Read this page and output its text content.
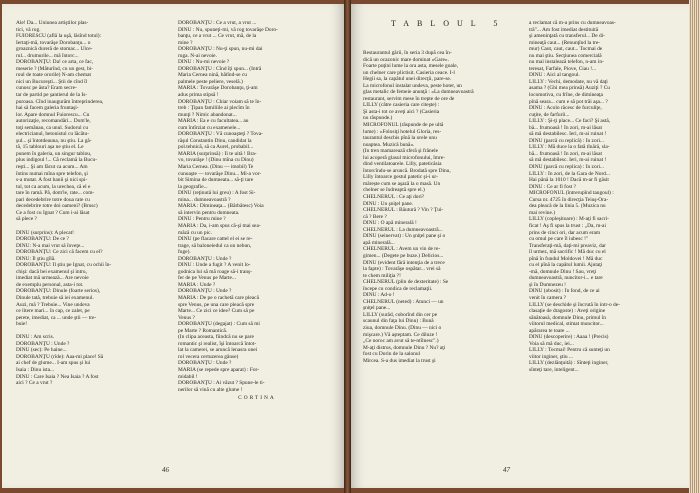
Ale! Da... Uniunea artiştilor plas-
tici, vă rog.
FUIORESCU (află la uşă, lăsînd totul):
Iertaţi-mă, tovarăşe Dorobanţu... o
groaznică dureră de stomac... Ulce-
rul... drumurile... mă întorc...
DOROBANŢU: Da! ce arta, ce fac,
meserie ? (Măturînd, cu un gest, bi-
roul de toate ororile) N-am chemat
nici un Bucureşti... Ştii de cînd îl
cunosc pe ăsta? Eram secre-
tar de partid pe şantierul de la Is-
puroasa. Cînd inaugurăm întreprinderea,
hai să facem galeria fruntaşi-
lor. Apare domnul Fuiorescu... Cu
autorizaţie, recomandări... Dom'le,
toţi semănau, ca unul. Sudorul cu
electricianul, betonistul cu lăcătu-
şul... şi întotdeauna, nu ştiu. La gă-
tă, 15 tablouri aşa ne ştiu el. Le
punem în galeria, un singur tablou,
plus indigoul !... Că reclamă la Bucu-
reşti... Şi am făcut ca acum... Am
întins numai mîna spre telefon, şi
s-a mutat. A fost banii şi nici spi-
tul, tot ca acum, la urechea, că el e
tare în ramă. Pă, dom'le, rate... com-
pari decedebrire totre doua rate cu
decedebrire totre doi oameni? (Brusc)
Ce a fost cu Ignat ? Cum i-ai lăsat
să plece ?

DINU (surprins): A plecat!
DOROBANŢU: De ce ?
DINU: N-a mai vrut să înveţe...
DOROBANŢU: Ce zici că facem cu el?
DINU: Îl ştiu gîlă.
DOROBANŢU: Îl ştiu pe Ignat, cu ochii în-
chişi: dacă bei examenul şi intru,
imediat mă urmează... Are nevoie
de exemplu personal, asta-i tot.
DOROBANŢU: Dinule (foarte serios),
Dinule tată, trebuie să iei examenul.
Auzi, mă ? Trebuie... Vine undeva
ce litere mari... în cap, ce zalet, pe
perete, imediat, ca ... unde ştii — tre-
buie!

DINU : Am scris.
DOROBANŢU : Unde ?
DINU (sec): Pe haine...
DOROBANŢU (rîde): Aaa-mi place! Să
ai chef de glume... I-am spus şi lui
Isaia : Dinu ista...
DINU : Care Isaia ? Nea Isaia ? A fost
aici ? Ce a vrut ?
DOROBANŢU : Ce a vrut, a vrut ...
DINU : Nu, spuneţi-mi, vă rog tovarăşe Doro-
banţu, ce a vrut ... Ce vrut, mă, de la
mine ?
DOROBANŢU : Nu-ţi spun, nu-mi dai
ruga. N-ai nevoie.
DINU : Nu-mi nevoie ?
DOROBANŢU : Cînd îţi spun... (Intră
Maria Cernea nină, bătînd-se cu
palmele peste peliere, veselă.)
MARIA : Tovarăşe Dorobanţu, ţi-am
adus prima stipsă !
DOROBANŢU : Chiar voiam să te în-
treb : Ţipan familiile ai plecîm în
munţi ? Nimic abandonat...
MARIA : Ea e cu facultatea... au
cum întîrziat cu examenele...
DOROBANŢU : Vă cunoaşteţi ? Tova-
răşul Constantin Dinu, candidat la
pol.tehnică, să ca Aurel, probabil...
MARIA (surprinsă) : Îi te uită ! Bra-
vo, tovarăşe ! (Dinu mîna cu Dinu)
Maria Cernea. (Dinu — imobil) Te
cunoaşte — tovarăşe Dinu... Mi-a vor-
bit Simina de dumneata... să-ţi tare
la geografie...
DINU (reţinută lui greu) : A fost Si-
mina... dumneavoastră ?
MARIA : Dimineaţa... (Bărbătesc) Voia
să intervin pentru dumneata.
DINU : Pentru mine ?
MARIA : Da, i-am spus că-şi mai sea-
măză cu un pic.
DINU (pe flacare cattel el ei se re-
trage, să baloneiedul ca un nebun,
fuge).
DOROBANŢU : Unde ?
DINU : Unde a fugit ? A venit lo-
godnica lui să mă roage să-i tranş-
fer de pe Venus pe Marte...
MARIA : Unde ?
DOROBANŢU : Unde ?
MARIA : De pe o rachetă care pleacă
spre Venus, pe una care pleacă spre
Marte... Ce zici ce idee? Cum să pe
Venus ?
DOROBANŢU (degajat) : Cum să mi
pe Marte ? Romantică.
(In clipa aceasta, fiindcă nu se pare
romantic şi realist, îşi întoarcă întot-
lat la camerei, se aruncă lenasra unei
rol vecera certuzerea gânse)
DOROBANŢU : Unde ?
MARIA (se repede spre aparat) : For-
midabil !
DOROBANŢU : Ai văzut ? Spune-le ti-
nerilor să vină cu alte glume !
CORTINA
46
TABLOUL 5
Restaurantul gării, în seria 3 după cea în-
dică un ocazonic mare dominat «Gare».
Foarte puţini lume la ora asta, mesele goale,
un chelner care plictisit. Casieria ceace. I-l
Hegii sa, la capătul unei direcţii, pare-se.
La microfonul instalat undeva, peste hoter, un
glas metalic de femeie anunţă : «La dumneavoastră
restaurant, servim mese în trepte de ore de
LILLY (către casieria care citeşte) :
Şi asta-i tot ce aveţi aici ? (Casieria
nu răspunde.)
MICROFONUL (răspunde de pe ultă
lume) : «Folosiţi hotelul Gloria, res-
taurantul deschis pînă la orele unu
noaptea. Muzică bună».
(In tren mamarează sferă şi frânele
lui acoperă glasul microfonului, îmre-
dind ventilatoarele. Lilly, pateticăsia
întorcîndu-se aruncă. Brodată spre Dinu,
Lilly întoarce gestul patetic şi-i ur-
mărește cum se aşază la o masă. Un
chelner se îndreaptă spre el.)
CHELNERUL : Ce aţi dori?
DINU : Un şniţel pane.
CHELNERUL : Băutură ? Vin ? Ţui-
că ? Bere ?
DINU : O apă minerală !
CHELNERUL : La dumneavoastră...
DINU (seinervat) : Un şniţel pane şi o
apă minerală...
CHELNERUL : Avem un vin de re-
gimen... (Degete pe buze.) Delicios...
DINU (evident fără intenţia de a trece
la fapte) : Tovarăşe ospătar... vrei să
te chem miliţia ?!
CHELNERUL (plin de dexteritate) : Se
începe cu condica de reclamaţii.
DINU : Ad-o !
CHELNERUL (neted) : Atunci — un
şniţel pane...
LILLY (surâd, coborînd din cer pe
scaunul din faţa lui Dinu) : Bună
ziua, domnule Dinu. (Dinu — nici o
mişcare.) Vă aşteptam. Ce diluze !
„Ce noroc am avut să te-ntîlnesc".)
M-aţi distrus, domnule Dinu ? Nu? aţi
fost cu Dorin de la salonul
Mircea. S-a dus imediat la trust şi
a reclamat că m-a prins cu dumneavoas-
tră"... Am fost imediat destituită
şi ameninţată cu transferul... De di-
mineaţă caut... (Renunţînd la tre-
mur) Caut, caut, caut... Tocmai de
nu mai ştiu. Secţiunea comercială
nu mai instalează telefon, n-am in-
teresat, Farfale, Piove, Ciau !...
DINU : Aici al tangoul.
LILLY : Vechi, demodate, nu vă daţi
asama ? (Ghi mea prinsă) Auziţi ? Cu
locomotiva, cu frîne, de dimineaţa
pînă seara... cum e să pot trăi aşa... ?
DINU : Acolo răcesc de furculiţe,
cuţite, de farfurii...
LILLY : Şi-ţi place... Ce faci? Şi astă,
bă... frumoasă ! În zori, m-ai lăsat
să mă destabilesc. Ieri, m-ai ruinat !
DINU (parcă cu replică) : În zori...
LILLY : Mă duce la o fată tînără, sla-
bă... frumoasă ! În zori, m-ai lăsat
să mă destabilesc. Ieri, m-ai ruinat !
DINU (parcă cu replica) : În zori...
LILLY : În zori, de la Gara de Nord...
Hai până la 1010 ! Dacă m-ar fi găsit
DINU : Ce ar fi fost ?
MICROFONUL (întrerupînd tangoul) :
Cursa nr. 4725 în direcţia Teiuş-Ora-
dea pleacă de la linia 5. (Muzica nu
mai revine.)
LILLY (copleşitoare) : M-aţi fi sacri-
ficat ! Aş fi spus la trust : „Da, m-ai
prins de cinci ori, dar acum eram
cu omul pe care îl iubesc !"
Transferaţi-mă, daţi-mi preaviz, dar
îl urmez, mă sacrific ! Mă duc cu el
pînă în fundul Moldovei ! Mă duc
cu el pînă la capătul lumii. Ajutaţi
-mă, domnule Dinu ! Sau, vreţi
dumneavoastră, nuncitor-i... e tare
şi în Dumnezeu !
DINU (obosit) : În fond, de ce ai
venit în camera ?
LILLY (se deschide şi încrută în intr-o de-
clasaţie de dragoste) : Aveţi origine
sănătoasă, domnule Dinu, primul în
viitorul medical, stimat muncitor...
apărarea te toate ...
DINU (descoperire) : Aaaa ! (Precis)
Voia să mă duc, iei...
LILLY : Tocmai! Pentru că sunteţi un
viitor inginer, ştiu ...
LILLY (dezlănţuită) : Sînteţi inginer,
sînteţi tare, inteligent...
47
